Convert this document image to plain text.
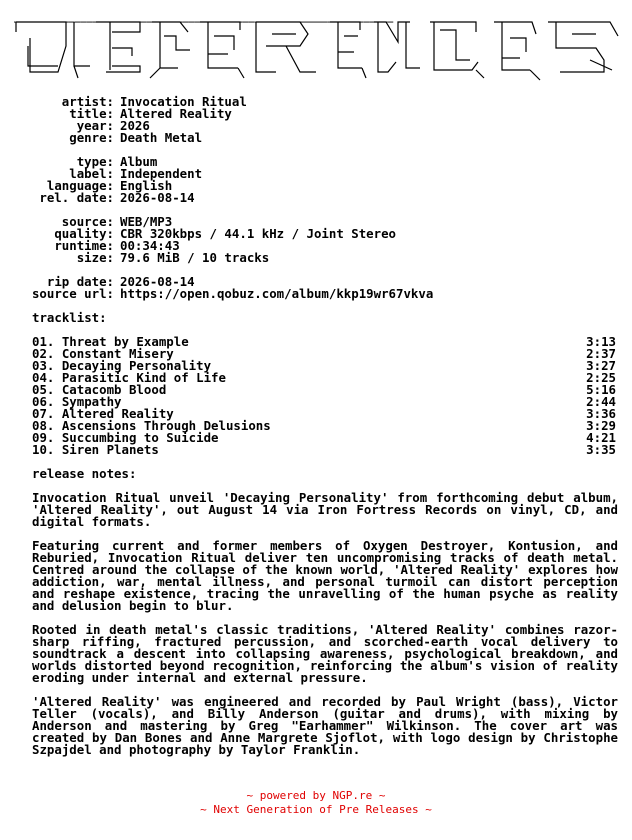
_______________________________________________________________
artist: Invocation Ritual
title: Altered Reality
year: 2026
genre: Death Metal
type: Album
label: Independent
language: English
rel. date: 2026-08-14
source: WEB/MP3
quality: CBR 320kbps / 44.1 kHz / Joint Stereo
runtime: 00:34:43
size: 79.6 MiB / 10 tracks
rip date: 2026-08-14
source url: https://open.qobuz.com/album/kkp19wr67vkva
tracklist:
01. Threat by Example	3:13
02. Constant Misery	2:37
03. Decaying Personality	3:27
04. Parasitic Kind of Life	2:25
05. Catacomb Blood	5:16
06. Sympathy	2:44
07. Altered Reality	3:36
08. Ascensions Through Delusions	3:29
09. Succumbing to Suicide	4:21
10. Siren Planets	3:35
release notes:
Invocation Ritual unveil 'Decaying Personality' from forthcoming debut album, 'Altered Reality', out August 14 via Iron Fortress Records on vinyl, CD, and digital formats.
Featuring current and former members of Oxygen Destroyer, Kontusion, and Reburied, Invocation Ritual deliver ten uncompromising tracks of death metal. Centred around the collapse of the known world, 'Altered Reality' explores how addiction, war, mental illness, and personal turmoil can distort perception and reshape existence, tracing the unravelling of the human psyche as reality and delusion begin to blur.
Rooted in death metal's classic traditions, 'Altered Reality' combines razor-sharp riffing, fractured percussion, and scorched-earth vocal delivery to soundtrack a descent into collapsing awareness, psychological breakdown, and worlds distorted beyond recognition, reinforcing the album's vision of reality eroding under internal and external pressure.
'Altered Reality' was engineered and recorded by Paul Wright (bass), Victor Teller (vocals), and Billy Anderson (guitar and drums), with mixing by Anderson and mastering by Greg "Earhammer" Wilkinson. The cover art was created by Dan Bones and Anne Margrete Sjoflot, with logo design by Christophe Szpajdel and photography by Taylor Franklin.
~ powered by NGP.re ~
~ Next Generation of Pre Releases ~
